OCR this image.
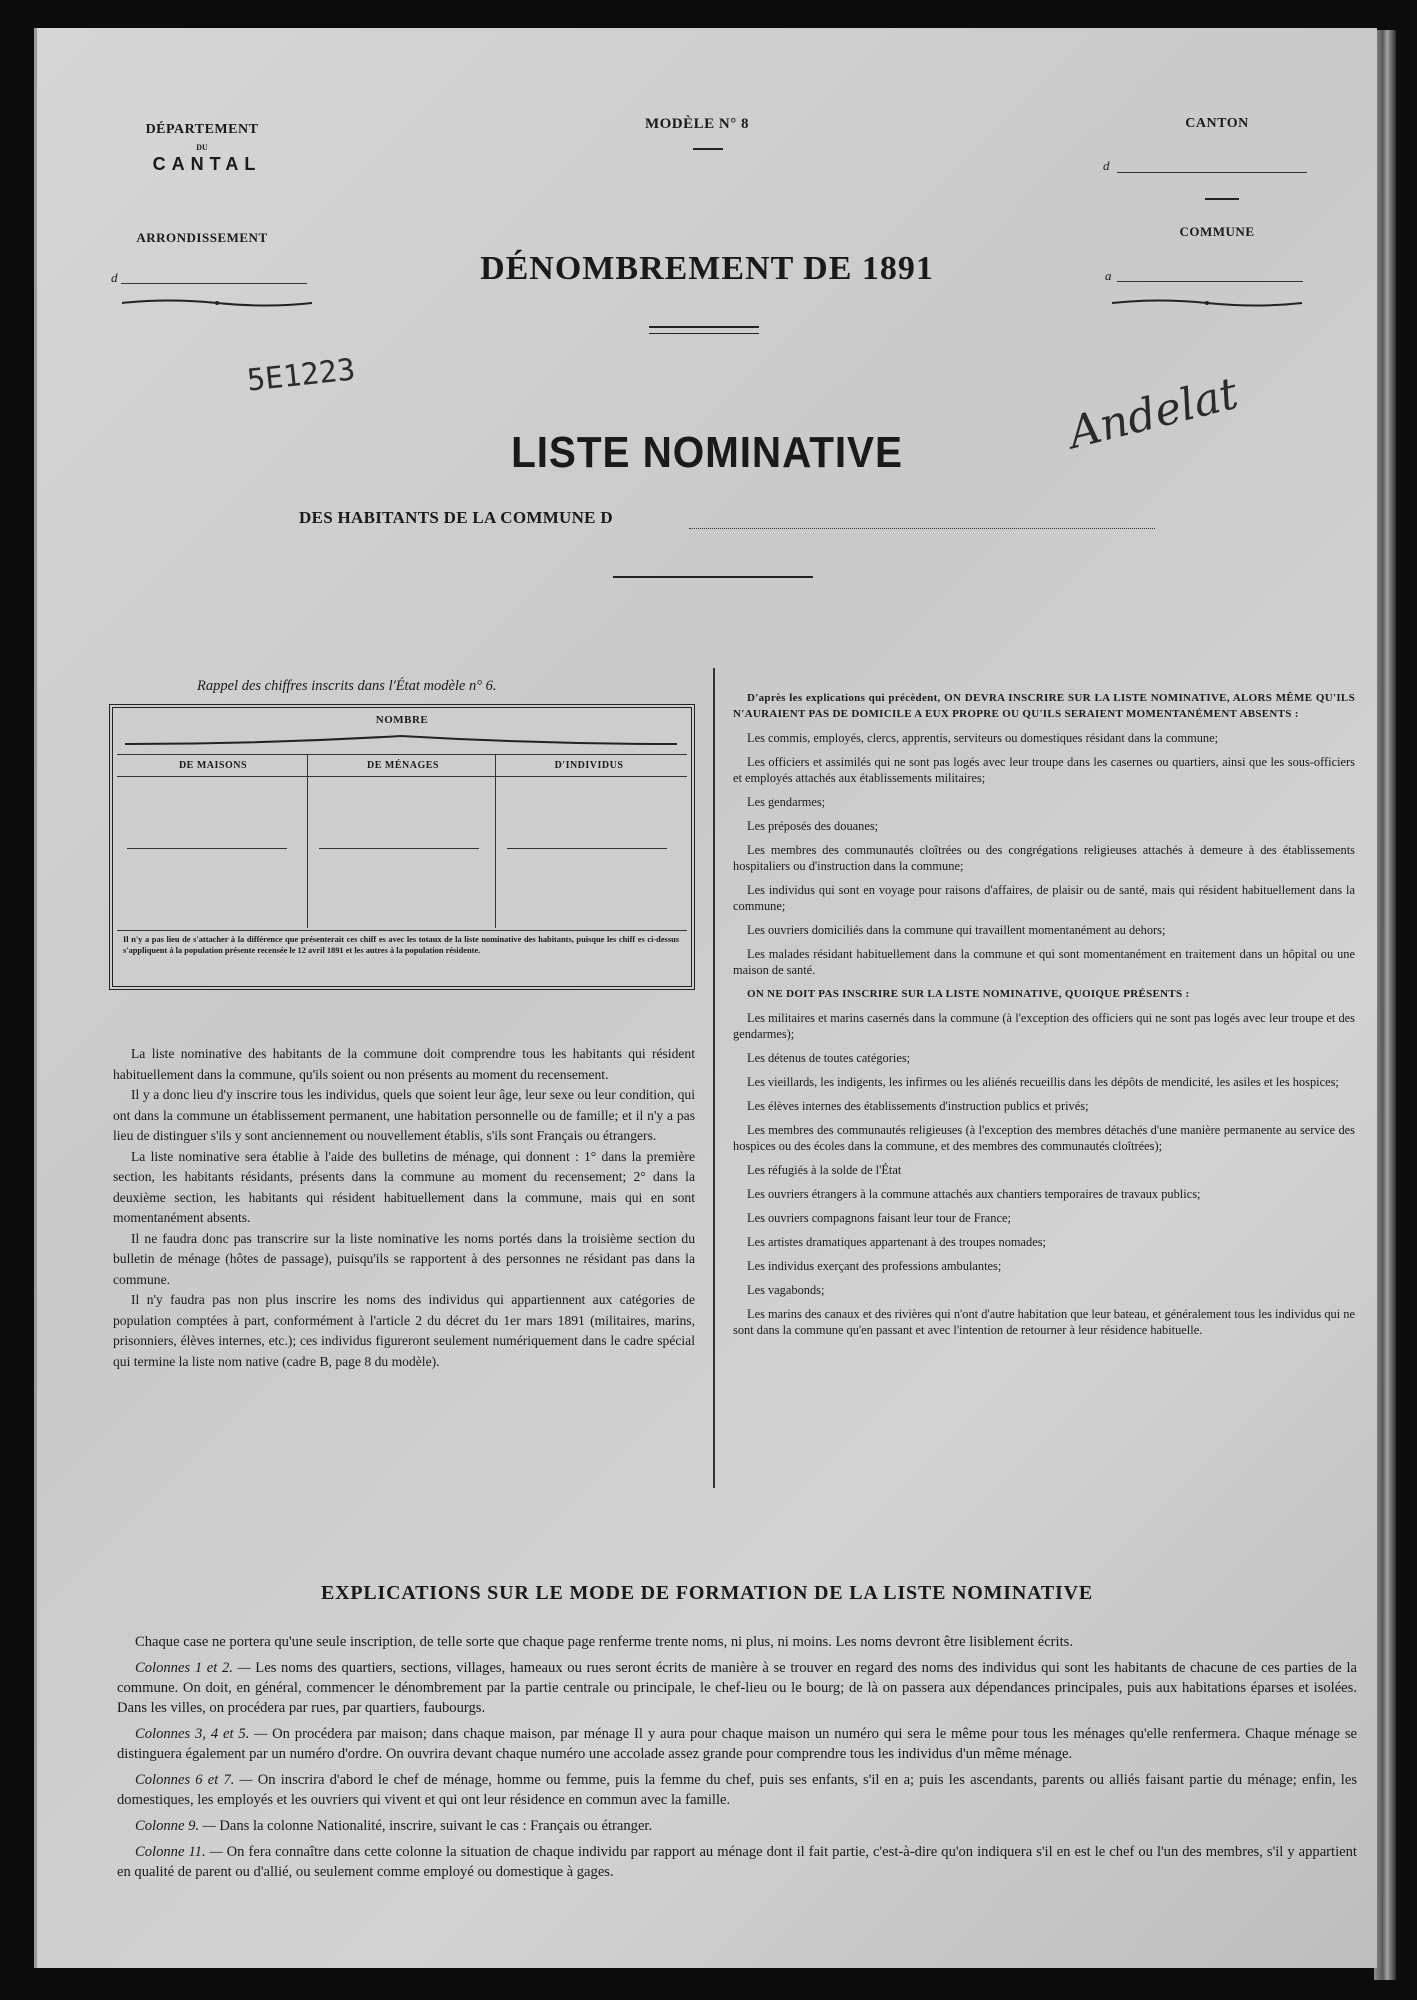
DÉPARTEMENT
DU
CANTAL
ARRONDISSEMENT
d
MODÈLE N° 8
DÉNOMBREMENT DE 1891
CANTON
d
COMMUNE
a
5E1223	Andelat
LISTE NOMINATIVE
DES HABITANTS DE LA COMMUNE D
Rappel des chiffres inscrits dans l'État modèle n° 6.
NOMBRE
DE MAISONS	DE MÉNAGES	D'INDIVIDUS
Il n'y a pas lieu de s'attacher à la différence que présenterait ces chiff es avec les totaux de la liste nominative des habitants, puisque les chiff es ci-dessus s'appliquent à la population présente recensée le 12 avril 1891 et les autres à la population résidente.

La liste nominative des habitants de la commune doit comprendre tous les habitants qui résident habituellement dans la commune, qu'ils soient ou non présents au moment du recensement.

Il y a donc lieu d'y inscrire tous les individus, quels que soient leur âge, leur sexe ou leur condition, qui ont dans la commune un établissement permanent, une habitation personnelle ou de famille; et il n'y a pas lieu de distinguer s'ils y sont anciennement ou nouvellement établis, s'ils sont Français ou étrangers.

La liste nominative sera établie à l'aide des bulletins de ménage, qui donnent : 1° dans la première section, les habitants résidants, présents dans la commune au moment du recensement; 2° dans la deuxième section, les habitants qui résident habituellement dans la commune, mais qui en sont momentanément absents.

Il ne faudra donc pas transcrire sur la liste nominative les noms portés dans la troisième section du bulletin de ménage (hôtes de passage), puisqu'ils se rapportent à des personnes ne résidant pas dans la commune.

Il n'y faudra pas non plus inscrire les noms des individus qui appartiennent aux catégories de population comptées à part, conformément à l'article 2 du décret du 1er mars 1891 (militaires, marins, prisonniers, élèves internes, etc.); ces individus figureront seulement numériquement dans le cadre spécial qui termine la liste nom native (cadre B, page 8 du modèle).

D'après les explications qui précèdent, ON DEVRA INSCRIRE SUR LA LISTE NOMINATIVE, ALORS MÊME QU'ILS N'AURAIENT PAS DE DOMICILE A EUX PROPRE OU QU'ILS SERAIENT MOMENTANÉMENT ABSENTS :

Les commis, employés, clercs, apprentis, serviteurs ou domestiques résidant dans la commune;

Les officiers et assimilés qui ne sont pas logés avec leur troupe dans les casernes ou quartiers, ainsi que les sous-officiers et employés attachés aux établissements militaires;

Les gendarmes;

Les préposés des douanes;

Les membres des communautés cloîtrées ou des congrégations religieuses attachés à demeure à des établissements hospitaliers ou d'instruction dans la commune;

Les individus qui sont en voyage pour raisons d'affaires, de plaisir ou de santé, mais qui résident habituellement dans la commune;

Les ouvriers domiciliés dans la commune qui travaillent momentanément au dehors;

Les malades résidant habituellement dans la commune et qui sont momentanément en traitement dans un hôpital ou une maison de santé.

ON NE DOIT PAS INSCRIRE SUR LA LISTE NOMINATIVE, QUOIQUE PRÉSENTS :

Les militaires et marins casernés dans la commune (à l'exception des officiers qui ne sont pas logés avec leur troupe et des gendarmes);

Les détenus de toutes catégories;

Les vieillards, les indigents, les infirmes ou les aliénés recueillis dans les dépôts de mendicité, les asiles et les hospices;

Les élèves internes des établissements d'instruction publics et privés;

Les membres des communautés religieuses (à l'exception des membres détachés d'une manière permanente au service des hospices ou des écoles dans la commune, et des membres des communautés cloîtrées);

Les réfugiés à la solde de l'État

Les ouvriers étrangers à la commune attachés aux chantiers temporaires de travaux publics;

Les ouvriers compagnons faisant leur tour de France;

Les artistes dramatiques appartenant à des troupes nomades;

Les individus exerçant des professions ambulantes;

Les vagabonds;

Les marins des canaux et des rivières qui n'ont d'autre habitation que leur bateau, et généralement tous les individus qui ne sont dans la commune qu'en passant et avec l'intention de retourner à leur résidence habituelle.

EXPLICATIONS SUR LE MODE DE FORMATION DE LA LISTE NOMINATIVE

Chaque case ne portera qu'une seule inscription, de telle sorte que chaque page renferme trente noms, ni plus, ni moins. Les noms devront être lisiblement écrits.

Colonnes 1 et 2. — Les noms des quartiers, sections, villages, hameaux ou rues seront écrits de manière à se trouver en regard des noms des individus qui sont les habitants de chacune de ces parties de la commune. On doit, en général, commencer le dénombrement par la partie centrale ou principale, le chef-lieu ou le bourg; de là on passera aux dépendances principales, puis aux habitations éparses et isolées. Dans les villes, on procédera par rues, par quartiers, faubourgs.

Colonnes 3, 4 et 5. — On procédera par maison; dans chaque maison, par ménage Il y aura pour chaque maison un numéro qui sera le même pour tous les ménages qu'elle renfermera. Chaque ménage se distinguera également par un numéro d'ordre. On ouvrira devant chaque numéro une accolade assez grande pour comprendre tous les individus d'un même ménage.

Colonnes 6 et 7. — On inscrira d'abord le chef de ménage, homme ou femme, puis la femme du chef, puis ses enfants, s'il en a; puis les ascendants, parents ou alliés faisant partie du ménage; enfin, les domestiques, les employés et les ouvriers qui vivent et qui ont leur résidence en commun avec la famille.

Colonne 9. — Dans la colonne Nationalité, inscrire, suivant le cas : Français ou étranger.

Colonne 11. — On fera connaître dans cette colonne la situation de chaque individu par rapport au ménage dont il fait partie, c'est-à-dire qu'on indiquera s'il en est le chef ou l'un des membres, s'il y appartient en qualité de parent ou d'allié, ou seulement comme employé ou domestique à gages.
